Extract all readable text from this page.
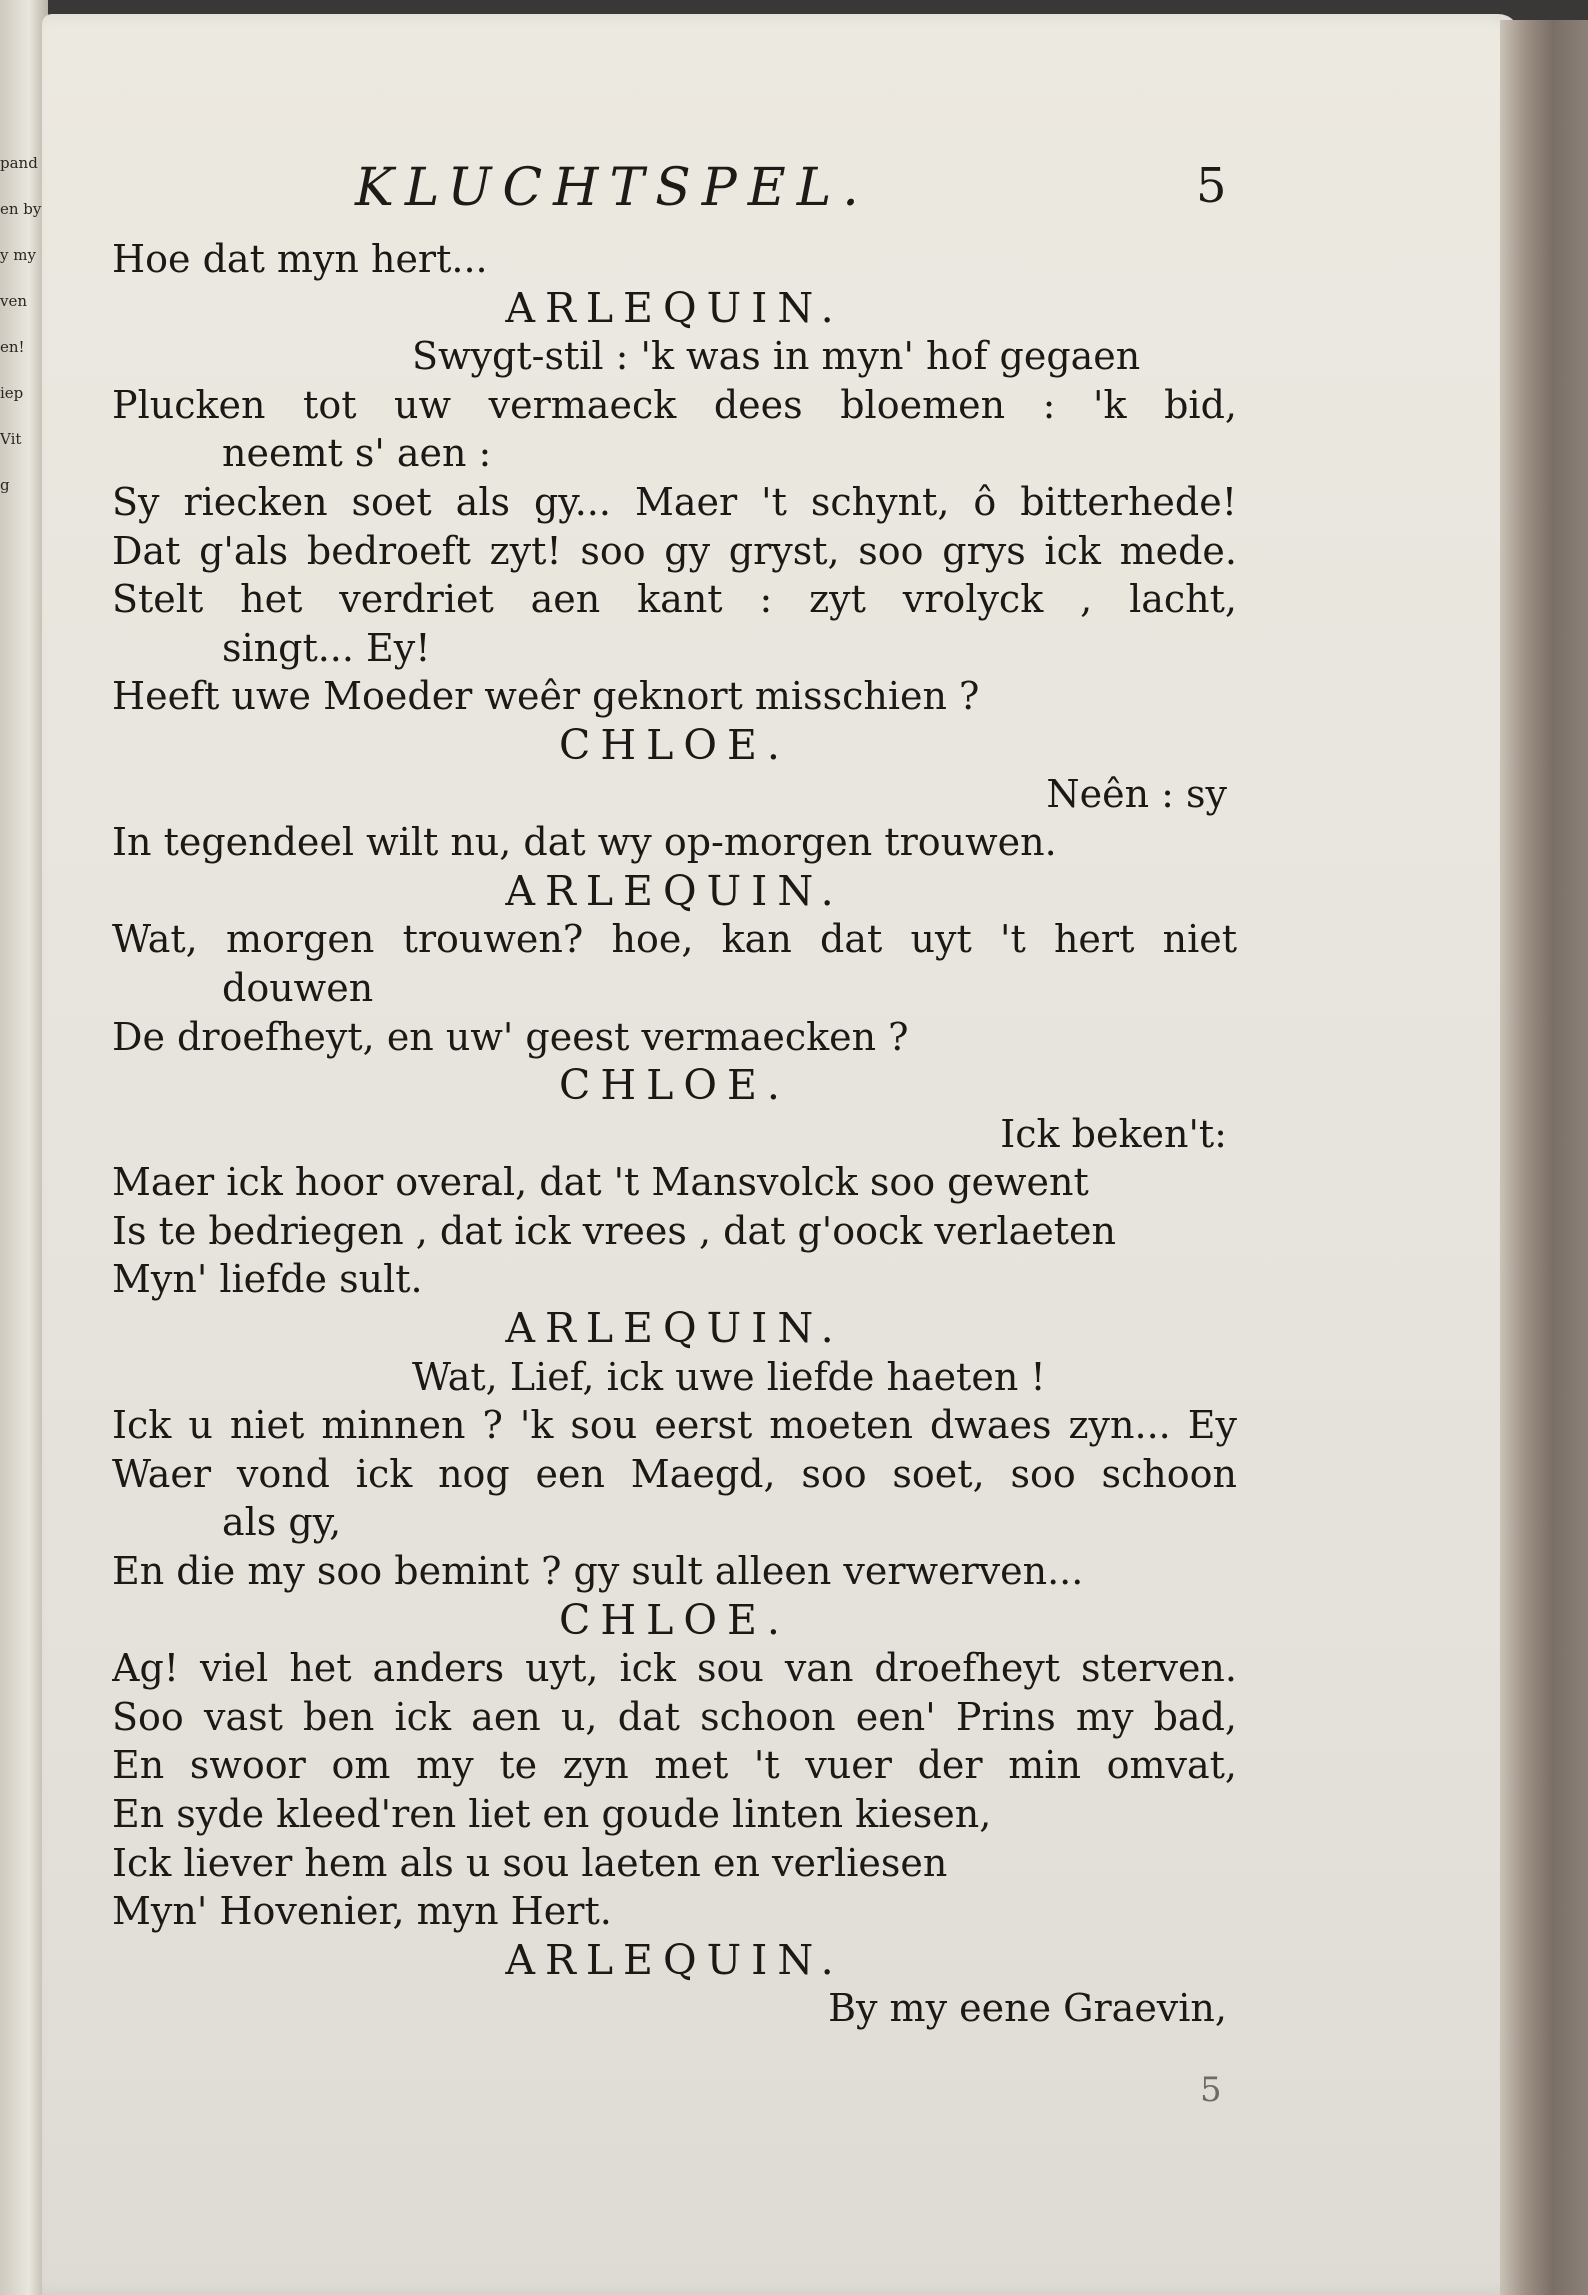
pand
en by
y my
ven
en!
iep
Vit
g
KLUCHTSPEL.	5
Hoe dat myn hert...
ARLEQUIN.
Swygt-stil : 'k was in myn' hof gegaen
Plucken tot uw vermaeck dees bloemen : 'k bid,
neemt s' aen :
Sy riecken soet als gy... Maer 't schynt, ô bitterhede!
Dat g'als bedroeft zyt! soo gy gryst, soo grys ick mede.
Stelt het verdriet aen kant : zyt vrolyck , lacht,
singt... Ey!
Heeft uwe Moeder weêr geknort misschien ?
CHLOE.
Neên : sy
In tegendeel wilt nu, dat wy op-morgen trouwen.
ARLEQUIN.
Wat, morgen trouwen? hoe, kan dat uyt 't hert niet
douwen
De droefheyt, en uw' geest vermaecken ?
CHLOE.
Ick beken't:
Maer ick hoor overal, dat 't Mansvolck soo gewent
Is te bedriegen , dat ick vrees , dat g'oock verlaeten
Myn' liefde sult.
ARLEQUIN.
Wat, Lief, ick uwe liefde haeten !
Ick u niet minnen ? 'k sou eerst moeten dwaes zyn... Ey
Waer vond ick nog een Maegd, soo soet, soo schoon
als gy,
En die my soo bemint ? gy sult alleen verwerven...
CHLOE.
Ag! viel het anders uyt, ick sou van droefheyt sterven.
Soo vast ben ick aen u, dat schoon een' Prins my bad,
En swoor om my te zyn met 't vuer der min omvat,
En syde kleed'ren liet en goude linten kiesen,
Ick liever hem als u sou laeten en verliesen
Myn' Hovenier, myn Hert.
ARLEQUIN.
By my eene Graevin,
5
